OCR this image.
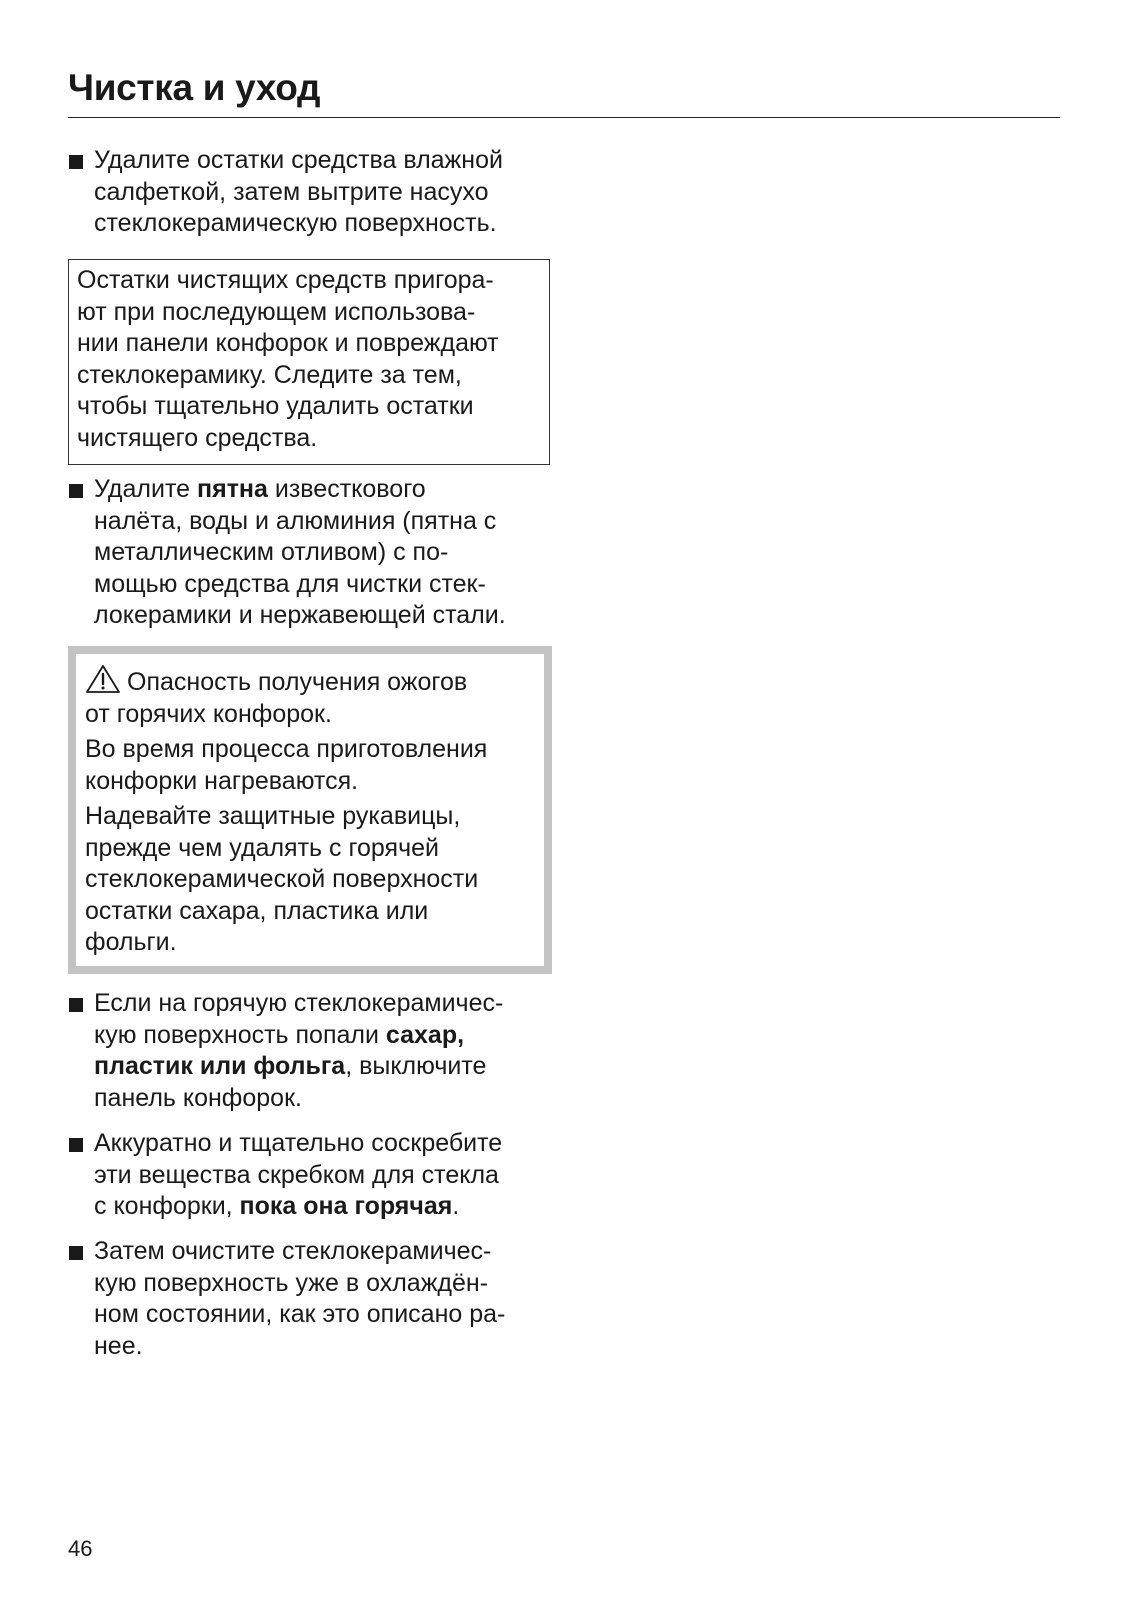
Чистка и уход
Удалите остатки средства влажной
салфеткой, затем вытрите насухо
стеклокерамическую поверхность.
Остатки чистящих средств пригора-
ют при последующем использова-
нии панели конфорок и повреждают
стеклокерамику. Следите за тем,
чтобы тщательно удалить остатки
чистящего средства.
Удалите пятна известкового
налёта, воды и алюминия (пятна с
металлическим отливом) с по-
мощью средства для чистки стек-
локерамики и нержавеющей стали.
Опасность получения ожогов
от горячих конфорок.
Во время процесса приготовления
конфорки нагреваются.
Надевайте защитные рукавицы,
прежде чем удалять с горячей
стеклокерамической поверхности
остатки сахара, пластика или
фольги.
Если на горячую стеклокерамичес-
кую поверхность попали сахар,
пластик или фольга, выключите
панель конфорок.
Аккуратно и тщательно соскребите
эти вещества скребком для стекла
с конфорки, пока она горячая.
Затем очистите стеклокерамичес-
кую поверхность уже в охлаждён-
ном состоянии, как это описано ра-
нее.
46
